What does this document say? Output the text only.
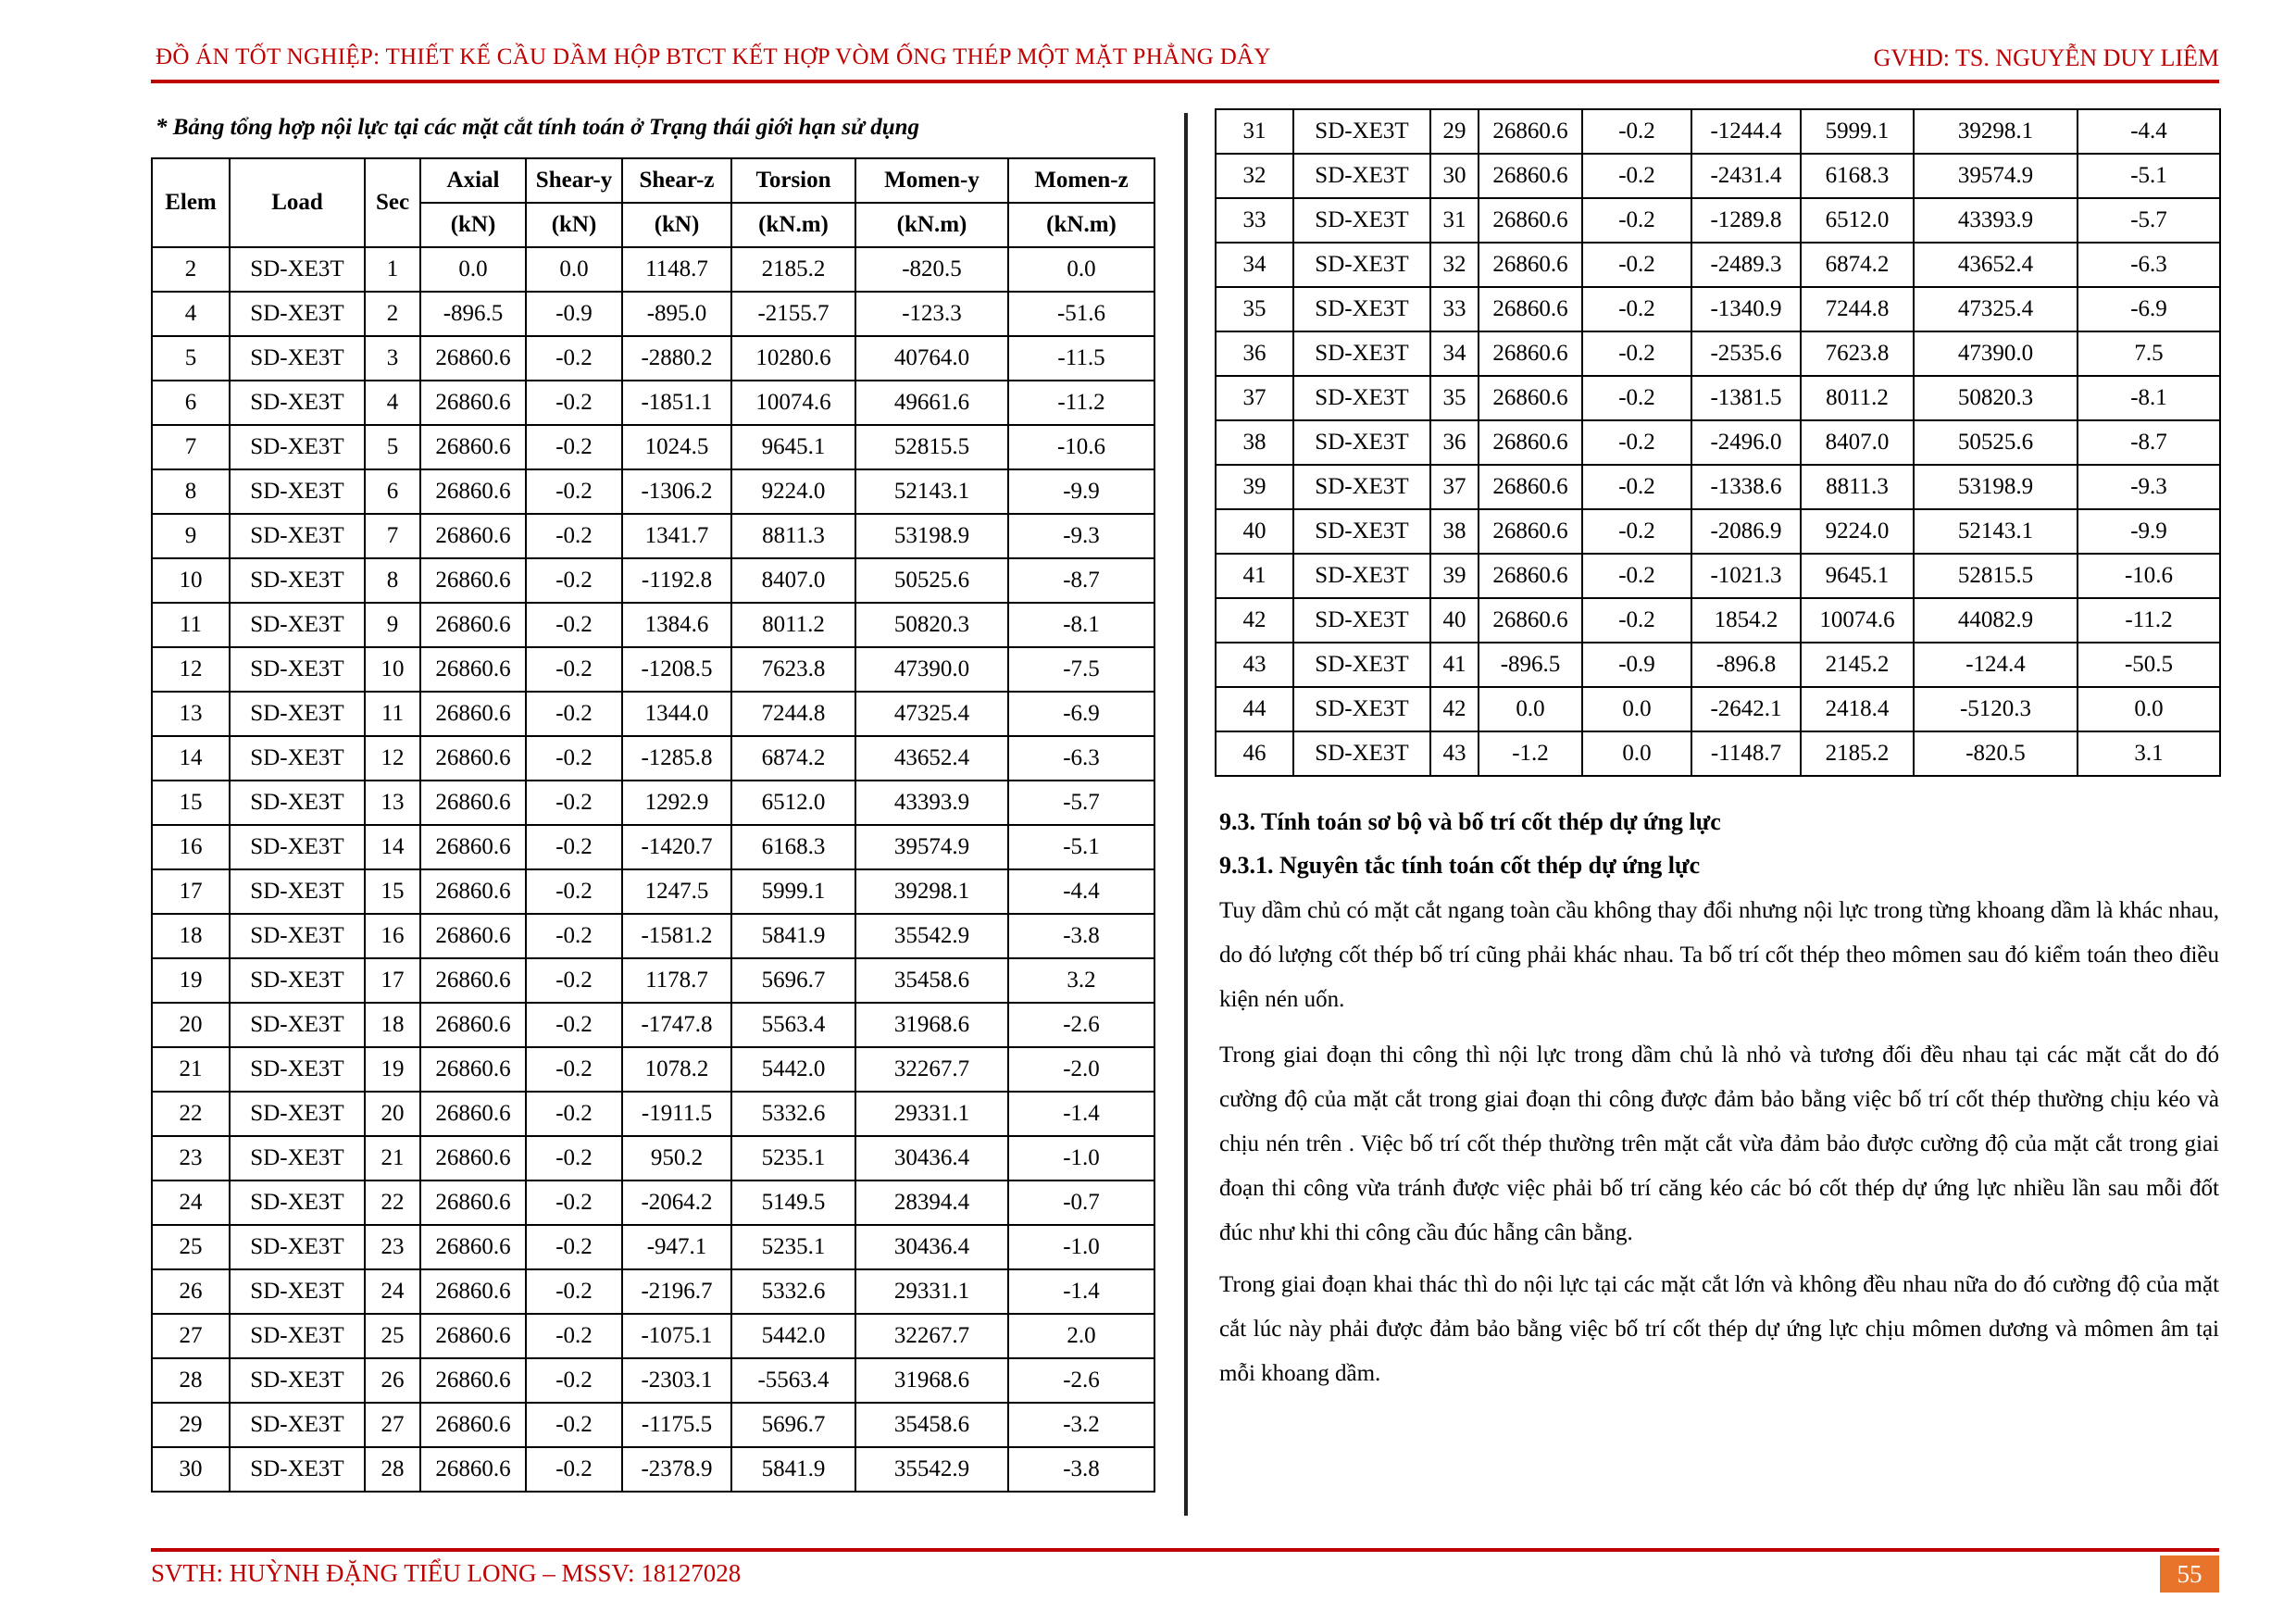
ĐỒ ÁN TỐT NGHIỆP: THIẾT KẾ CẦU DẦM HỘP BTCT KẾT HỢP VÒM ỐNG THÉP MỘT MẶT PHẲNG DÂY	GVHD: TS. NGUYỄN DUY LIÊM
* Bảng tổng hợp nội lực tại các mặt cắt tính toán ở Trạng thái giới hạn sử dụng
Elem	Load	Sec	Axial	Shear-y	Shear-z	Torsion	Momen-y	Momen-z
			(kN)	(kN)	(kN)	(kN.m)	(kN.m)	(kN.m)
2	SD-XE3T	1	0.0	0.0	1148.7	2185.2	-820.5	0.0
4	SD-XE3T	2	-896.5	-0.9	-895.0	-2155.7	-123.3	-51.6
5	SD-XE3T	3	26860.6	-0.2	-2880.2	10280.6	40764.0	-11.5
6	SD-XE3T	4	26860.6	-0.2	-1851.1	10074.6	49661.6	-11.2
7	SD-XE3T	5	26860.6	-0.2	1024.5	9645.1	52815.5	-10.6
8	SD-XE3T	6	26860.6	-0.2	-1306.2	9224.0	52143.1	-9.9
9	SD-XE3T	7	26860.6	-0.2	1341.7	8811.3	53198.9	-9.3
10	SD-XE3T	8	26860.6	-0.2	-1192.8	8407.0	50525.6	-8.7
11	SD-XE3T	9	26860.6	-0.2	1384.6	8011.2	50820.3	-8.1
12	SD-XE3T	10	26860.6	-0.2	-1208.5	7623.8	47390.0	-7.5
13	SD-XE3T	11	26860.6	-0.2	1344.0	7244.8	47325.4	-6.9
14	SD-XE3T	12	26860.6	-0.2	-1285.8	6874.2	43652.4	-6.3
15	SD-XE3T	13	26860.6	-0.2	1292.9	6512.0	43393.9	-5.7
16	SD-XE3T	14	26860.6	-0.2	-1420.7	6168.3	39574.9	-5.1
17	SD-XE3T	15	26860.6	-0.2	1247.5	5999.1	39298.1	-4.4
18	SD-XE3T	16	26860.6	-0.2	-1581.2	5841.9	35542.9	-3.8
19	SD-XE3T	17	26860.6	-0.2	1178.7	5696.7	35458.6	3.2
20	SD-XE3T	18	26860.6	-0.2	-1747.8	5563.4	31968.6	-2.6
21	SD-XE3T	19	26860.6	-0.2	1078.2	5442.0	32267.7	-2.0
22	SD-XE3T	20	26860.6	-0.2	-1911.5	5332.6	29331.1	-1.4
23	SD-XE3T	21	26860.6	-0.2	950.2	5235.1	30436.4	-1.0
24	SD-XE3T	22	26860.6	-0.2	-2064.2	5149.5	28394.4	-0.7
25	SD-XE3T	23	26860.6	-0.2	-947.1	5235.1	30436.4	-1.0
26	SD-XE3T	24	26860.6	-0.2	-2196.7	5332.6	29331.1	-1.4
27	SD-XE3T	25	26860.6	-0.2	-1075.1	5442.0	32267.7	2.0
28	SD-XE3T	26	26860.6	-0.2	-2303.1	-5563.4	31968.6	-2.6
29	SD-XE3T	27	26860.6	-0.2	-1175.5	5696.7	35458.6	-3.2
30	SD-XE3T	28	26860.6	-0.2	-2378.9	5841.9	35542.9	-3.8
31	SD-XE3T	29	26860.6	-0.2	-1244.4	5999.1	39298.1	-4.4
32	SD-XE3T	30	26860.6	-0.2	-2431.4	6168.3	39574.9	-5.1
33	SD-XE3T	31	26860.6	-0.2	-1289.8	6512.0	43393.9	-5.7
34	SD-XE3T	32	26860.6	-0.2	-2489.3	6874.2	43652.4	-6.3
35	SD-XE3T	33	26860.6	-0.2	-1340.9	7244.8	47325.4	-6.9
36	SD-XE3T	34	26860.6	-0.2	-2535.6	7623.8	47390.0	7.5
37	SD-XE3T	35	26860.6	-0.2	-1381.5	8011.2	50820.3	-8.1
38	SD-XE3T	36	26860.6	-0.2	-2496.0	8407.0	50525.6	-8.7
39	SD-XE3T	37	26860.6	-0.2	-1338.6	8811.3	53198.9	-9.3
40	SD-XE3T	38	26860.6	-0.2	-2086.9	9224.0	52143.1	-9.9
41	SD-XE3T	39	26860.6	-0.2	-1021.3	9645.1	52815.5	-10.6
42	SD-XE3T	40	26860.6	-0.2	1854.2	10074.6	44082.9	-11.2
43	SD-XE3T	41	-896.5	-0.9	-896.8	2145.2	-124.4	-50.5
44	SD-XE3T	42	0.0	0.0	-2642.1	2418.4	-5120.3	0.0
46	SD-XE3T	43	-1.2	0.0	-1148.7	2185.2	-820.5	3.1
9.3. Tính toán sơ bộ và bố trí cốt thép dự ứng lực
9.3.1. Nguyên tắc tính toán cốt thép dự ứng lực
Tuy dầm chủ có mặt cắt ngang toàn cầu không thay đổi nhưng nội lực trong từng khoang dầm là khác nhau, do đó lượng cốt thép bố trí cũng phải khác nhau. Ta bố trí cốt thép theo mômen sau đó kiểm toán theo điều kiện nén uốn.
Trong giai đoạn thi công thì nội lực trong dầm chủ là nhỏ và tương đối đều nhau tại các mặt cắt do đó cường độ của mặt cắt trong giai đoạn thi công được đảm bảo bằng việc bố trí cốt thép thường chịu kéo và chịu nén trên . Việc bố trí cốt thép thường trên mặt cắt vừa đảm bảo được cường độ của mặt cắt trong giai đoạn thi công vừa tránh được việc phải bố trí căng kéo các bó cốt thép dự ứng lực nhiều lần sau mỗi đốt đúc như khi thi công cầu đúc hẫng cân bằng.
Trong giai đoạn khai thác thì do nội lực tại các mặt cắt lớn và không đều nhau nữa do đó cường độ của mặt cắt lúc này phải được đảm bảo bằng việc bố trí cốt thép dự ứng lực chịu mômen dương và mômen âm tại mỗi khoang dầm.
SVTH: HUỲNH ĐẶNG TIỂU LONG – MSSV: 18127028	55
